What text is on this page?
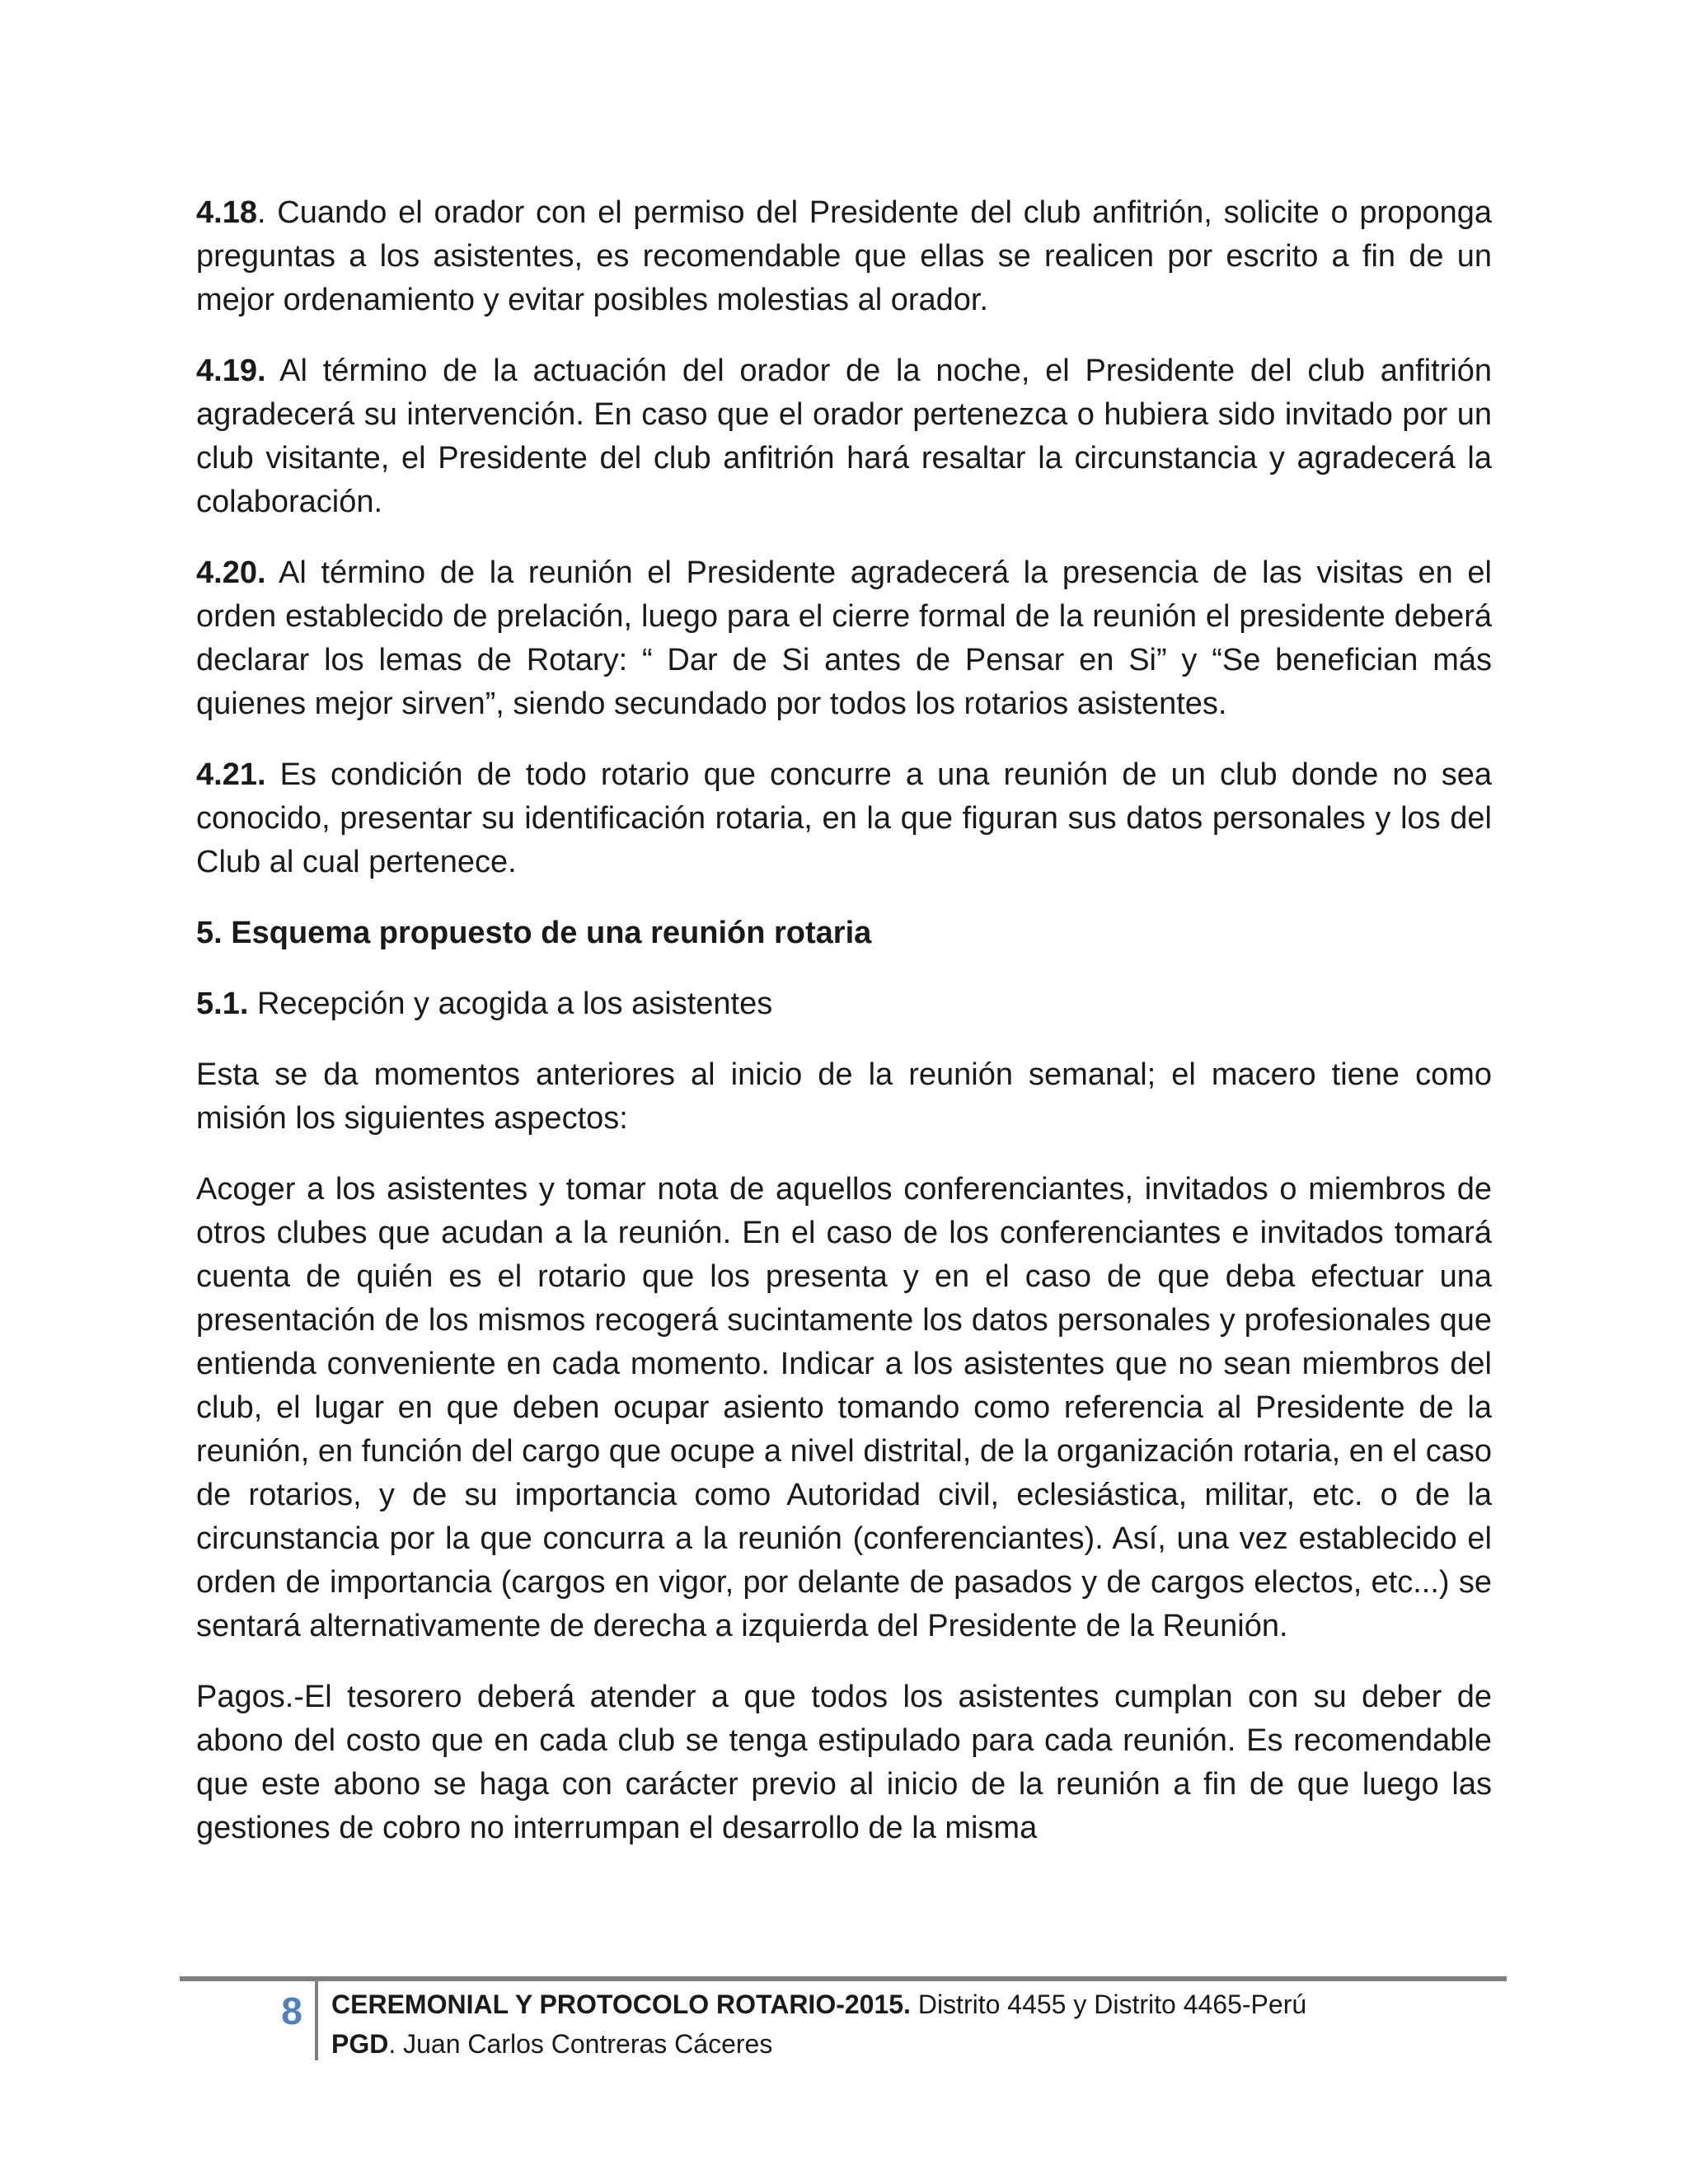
4.18. Cuando el orador con el permiso del Presidente del club anfitrión, solicite o proponga preguntas a los asistentes, es recomendable que ellas se realicen por escrito a fin de un mejor ordenamiento y evitar posibles molestias al orador.

4.19. Al término de la actuación del orador de la noche, el Presidente del club anfitrión agradecerá su intervención. En caso que el orador pertenezca o hubiera sido invitado por un club visitante, el Presidente del club anfitrión hará resaltar la circunstancia y agradecerá la colaboración.

4.20. Al término de la reunión el Presidente agradecerá la presencia de las visitas en el orden establecido de prelación, luego para el cierre formal de la reunión el presidente deberá declarar los lemas de Rotary: “ Dar de Si antes de Pensar en Si” y “Se benefician más quienes mejor sirven”, siendo secundado por todos los rotarios asistentes.

4.21. Es condición de todo rotario que concurre a una reunión de un club donde no sea conocido, presentar su identificación rotaria, en la que figuran sus datos personales y los del Club al cual pertenece.

5. Esquema propuesto de una reunión rotaria

5.1. Recepción y acogida a los asistentes

Esta se da momentos anteriores al inicio de la reunión semanal; el macero tiene como misión los siguientes aspectos:

Acoger a los asistentes y tomar nota de aquellos conferenciantes, invitados o miembros de otros clubes que acudan a la reunión. En el caso de los conferenciantes e invitados tomará cuenta de quién es el rotario que los presenta y en el caso de que deba efectuar una presentación de los mismos recogerá sucintamente los datos personales y profesionales que entienda conveniente en cada momento. Indicar a los asistentes que no sean miembros del club, el lugar en que deben ocupar asiento tomando como referencia al Presidente de la reunión, en función del cargo que ocupe a nivel distrital, de la organización rotaria, en el caso de rotarios, y de su importancia como Autoridad civil, eclesiástica, militar, etc. o de la circunstancia por la que concurra a la reunión (conferenciantes). Así, una vez establecido el orden de importancia (cargos en vigor, por delante de pasados y de cargos electos, etc...) se sentará alternativamente de derecha a izquierda del Presidente de la Reunión.

Pagos.-El tesorero deberá atender a que todos los asistentes cumplan con su deber de abono del costo que en cada club se tenga estipulado para cada reunión. Es recomendable que este abono se haga con carácter previo al inicio de la reunión a fin de que luego las gestiones de cobro no interrumpan el desarrollo de la misma

8 CEREMONIAL Y PROTOCOLO ROTARIO-2015. Distrito 4455 y Distrito 4465-Perú
PGD. Juan Carlos Contreras Cáceres
